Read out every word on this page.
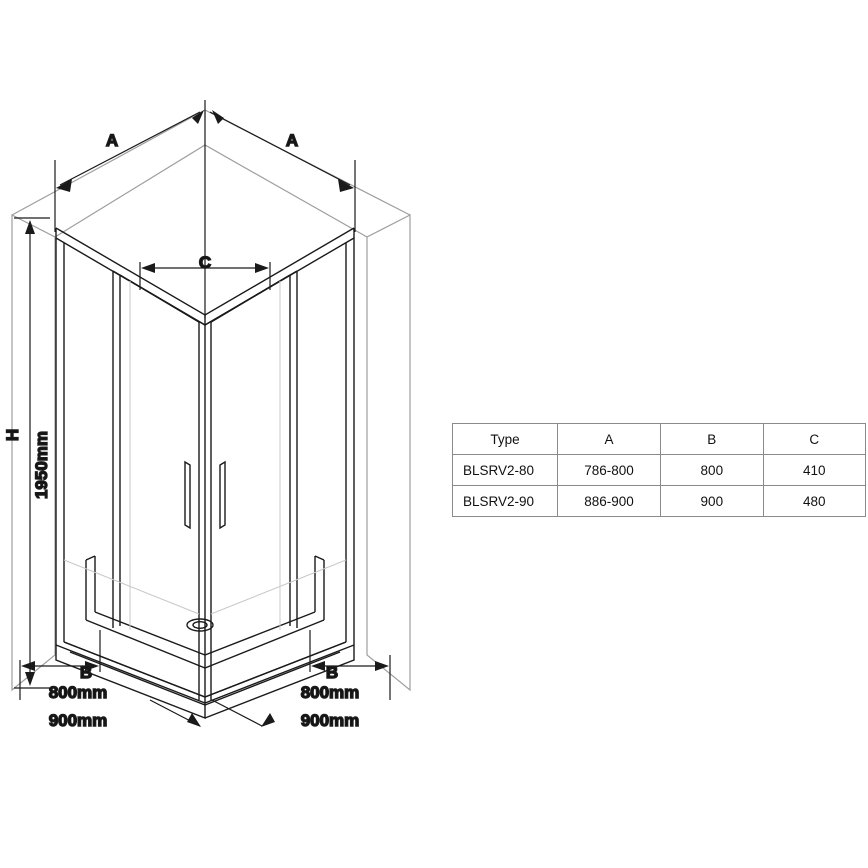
A	A
C
H 1950mm
B	B
800mm
900mm
800mm
900mm
Type	A	B	C
BLSRV2-80	786-800	800	410
BLSRV2-90	886-900	900	480
